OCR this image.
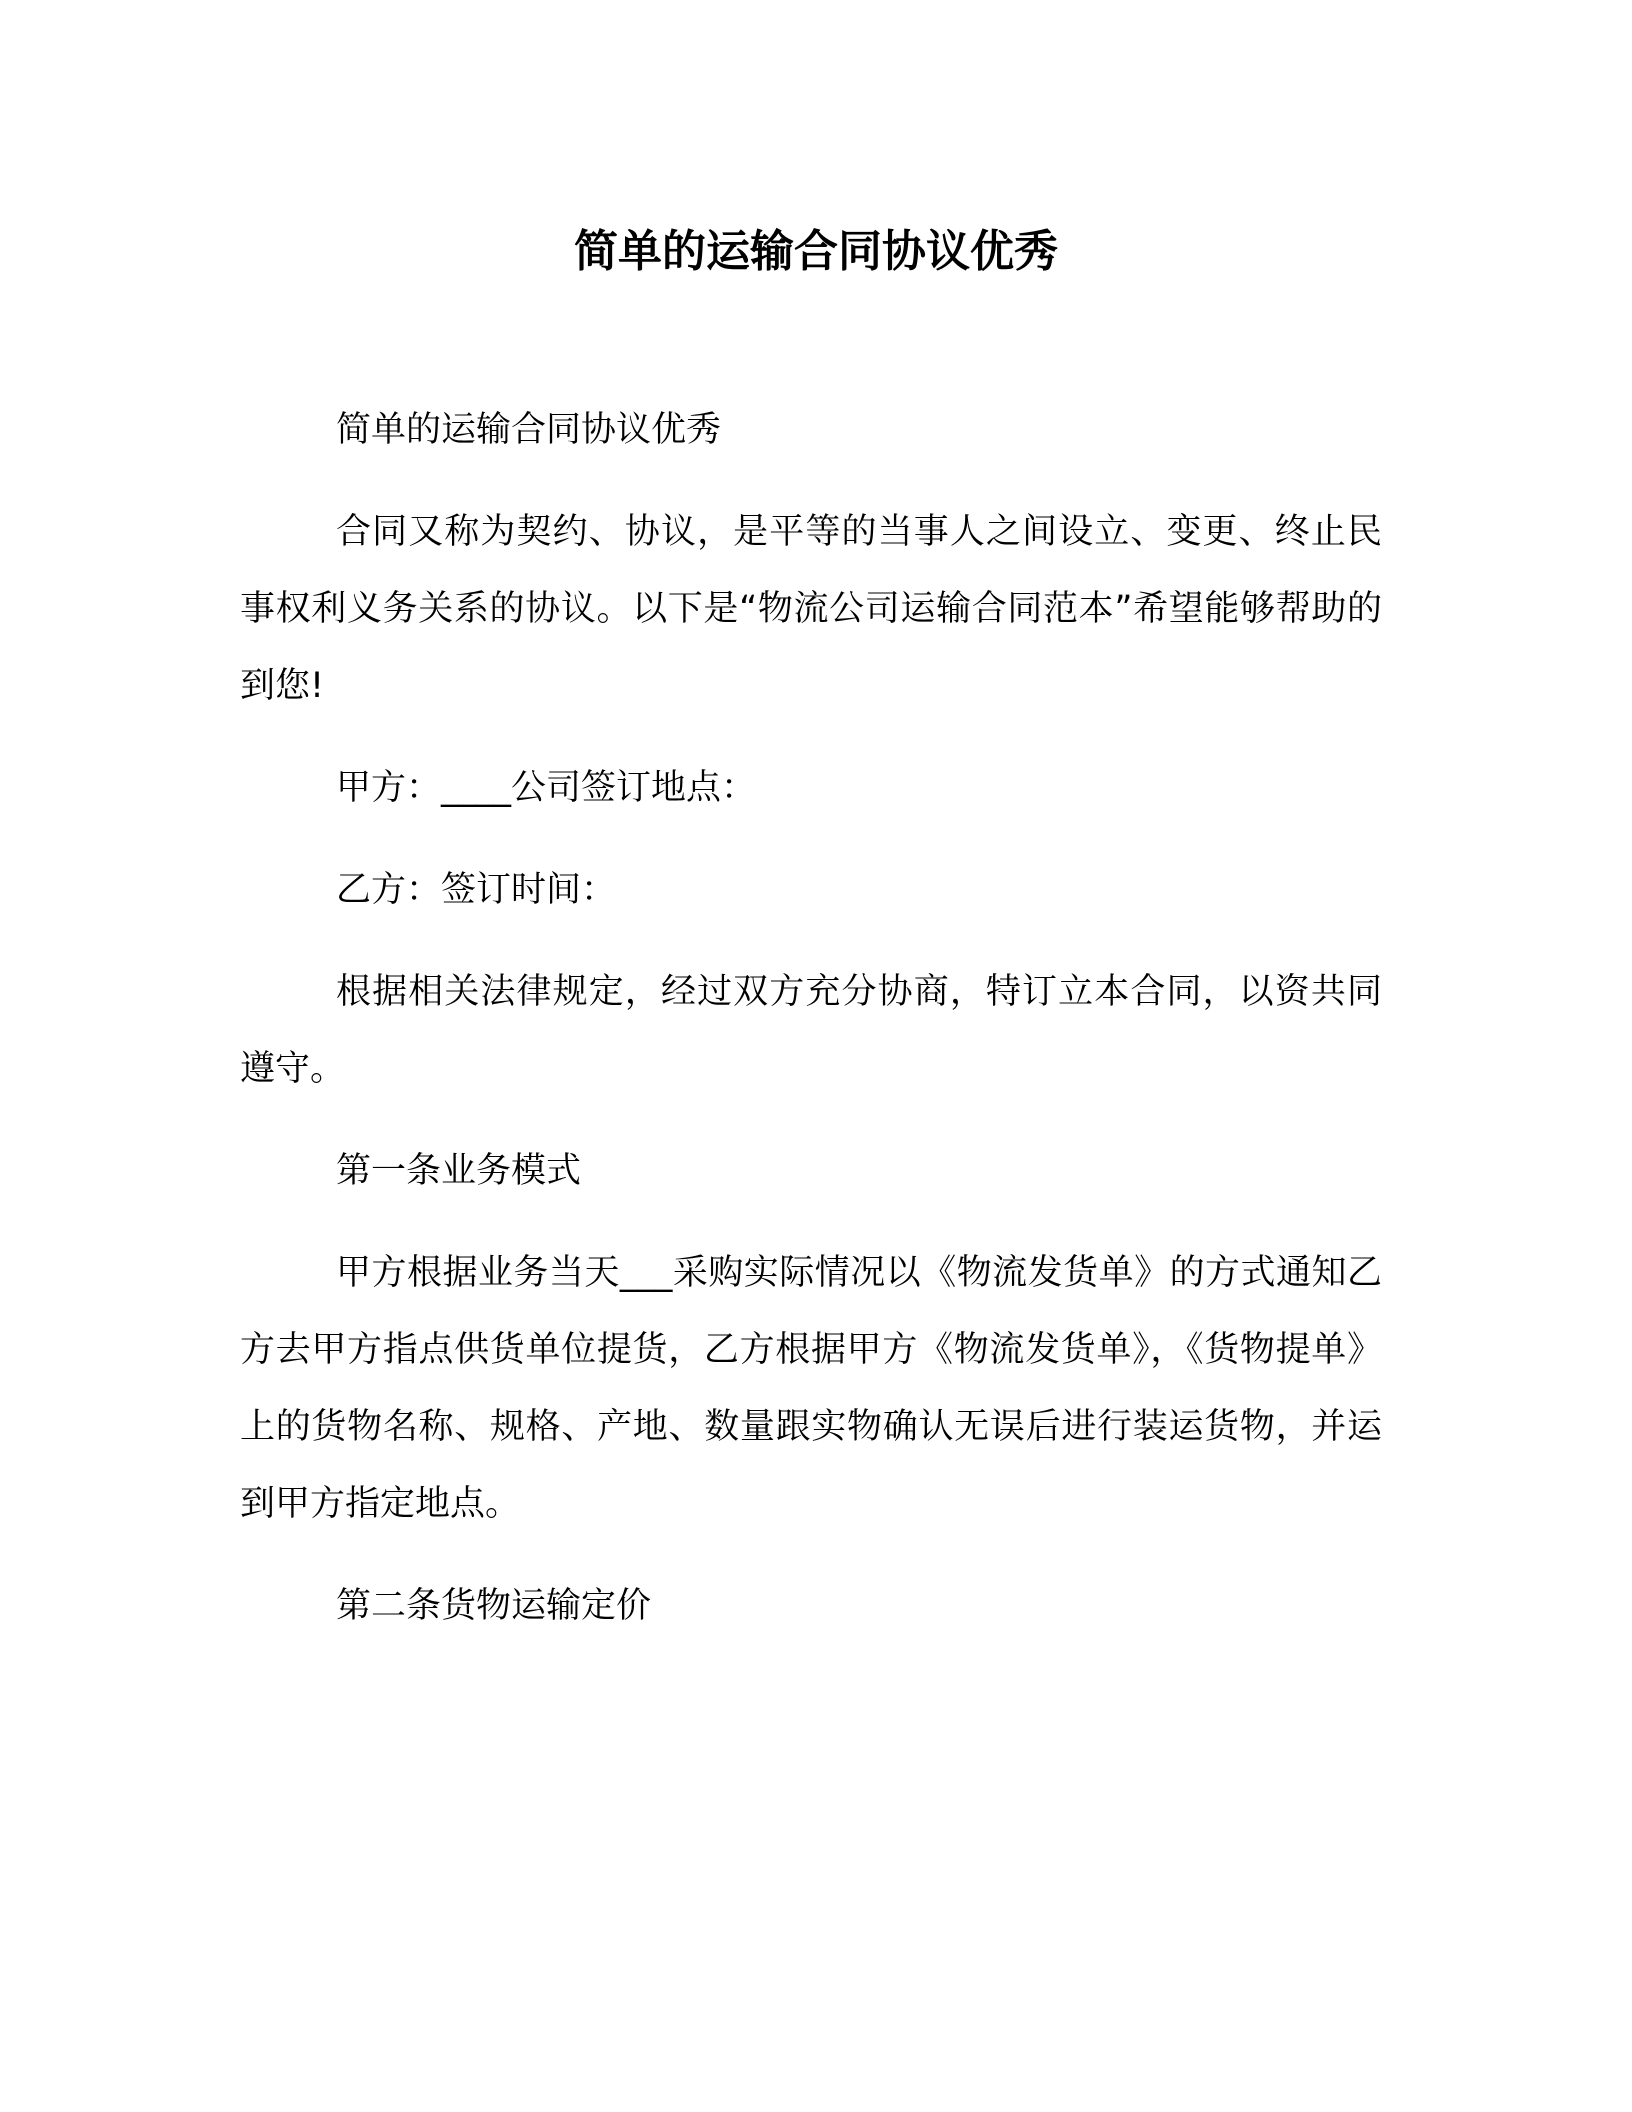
简单的运输合同协议优秀

简单的运输合同协议优秀

合同又称为契约、协议，是平等的当事人之间设立、变更、终止民事权利义务关系的协议。以下是“物流公司运输合同范本”希望能够帮助的到您!

甲方：____公司签订地点：

乙方：签订时间：

根据相关法律规定，经过双方充分协商，特订立本合同，以资共同遵守。

第一条业务模式

甲方根据业务当天___采购实际情况以《物流发货单》的方式通知乙方去甲方指点供货单位提货，乙方根据甲方《物流发货单》，《货物提单》上的货物名称、规格、产地、数量跟实物确认无误后进行装运货物，并运到甲方指定地点。

第二条货物运输定价
